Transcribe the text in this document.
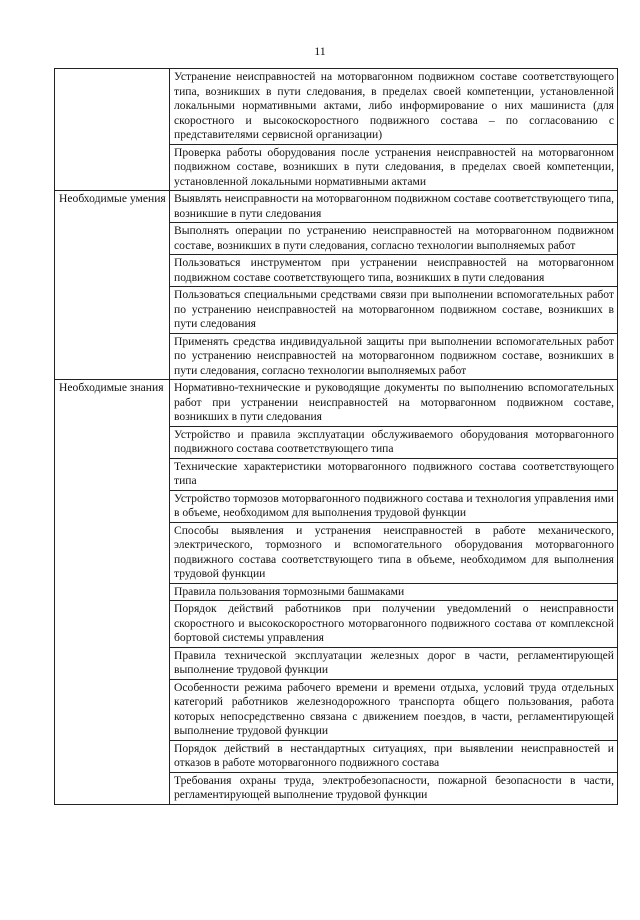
11
	Устранение неисправностей на моторвагонном подвижном составе соответствующего типа, возникших в пути следования, в пределах своей компетенции, установленной локальными нормативными актами, либо информирование о них машиниста (для скоростного и высокоскоростного подвижного состава – по согласованию с представителями сервисной организации)
	Проверка работы оборудования после устранения неисправностей на моторвагонном подвижном составе, возникших в пути следования, в пределах своей компетенции, установленной локальными нормативными актами
Необходимые умения	Выявлять неисправности на моторвагонном подвижном составе соответствующего типа, возникшие в пути следования
	Выполнять операции по устранению неисправностей на моторвагонном подвижном составе, возникших в пути следования, согласно технологии выполняемых работ
	Пользоваться инструментом при устранении неисправностей на моторвагонном подвижном составе соответствующего типа, возникших в пути следования
	Пользоваться специальными средствами связи при выполнении вспомогательных работ по устранению неисправностей на моторвагонном подвижном составе, возникших в пути следования
	Применять средства индивидуальной защиты при выполнении вспомогательных работ по устранению неисправностей на моторвагонном подвижном составе, возникших в пути следования, согласно технологии выполняемых работ
Необходимые знания	Нормативно-технические и руководящие документы по выполнению вспомогательных работ при устранении неисправностей на моторвагонном подвижном составе, возникших в пути следования
	Устройство и правила эксплуатации обслуживаемого оборудования моторвагонного подвижного состава соответствующего типа
	Технические характеристики моторвагонного подвижного состава соответствующего типа
	Устройство тормозов моторвагонного подвижного состава и технология управления ими в объеме, необходимом для выполнения трудовой функции
	Способы выявления и устранения неисправностей в работе механического, электрического, тормозного и вспомогательного оборудования моторвагонного подвижного состава соответствующего типа в объеме, необходимом для выполнения трудовой функции
	Правила пользования тормозными башмаками
	Порядок действий работников при получении уведомлений о неисправности скоростного и высокоскоростного моторвагонного подвижного состава от комплексной бортовой системы управления
	Правила технической эксплуатации железных дорог в части, регламентирующей выполнение трудовой функции
	Особенности режима рабочего времени и времени отдыха, условий труда отдельных категорий работников железнодорожного транспорта общего пользования, работа которых непосредственно связана с движением поездов, в части, регламентирующей выполнение трудовой функции
	Порядок действий в нестандартных ситуациях, при выявлении неисправностей и отказов в работе моторвагонного подвижного состава
	Требования охраны труда, электробезопасности, пожарной безопасности в части, регламентирующей выполнение трудовой функции
